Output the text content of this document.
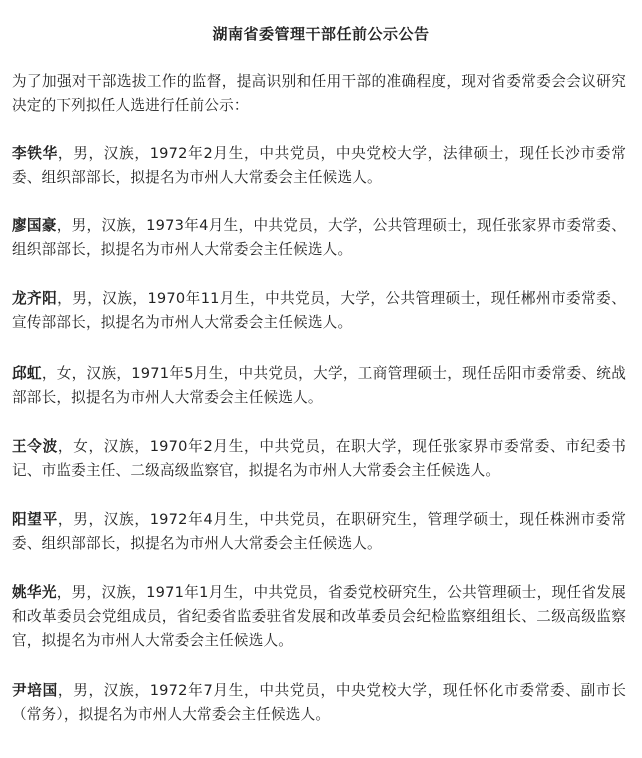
湖南省委管理干部任前公示公告

为了加强对干部选拔工作的监督，提高识别和任用干部的准确程度，现对省委常委会会议研究决定的下列拟任人选进行任前公示：

李铁华，男，汉族，1972年2月生，中共党员，中央党校大学，法律硕士，现任长沙市委常委、组织部部长，拟提名为市州人大常委会主任候选人。

廖国豪，男，汉族，1973年4月生，中共党员，大学，公共管理硕士，现任张家界市委常委、组织部部长，拟提名为市州人大常委会主任候选人。

龙齐阳，男，汉族，1970年11月生，中共党员，大学，公共管理硕士，现任郴州市委常委、宣传部部长，拟提名为市州人大常委会主任候选人。

邱虹，女，汉族，1971年5月生，中共党员，大学，工商管理硕士，现任岳阳市委常委、统战部部长，拟提名为市州人大常委会主任候选人。

王令波，女，汉族，1970年2月生，中共党员，在职大学，现任张家界市委常委、市纪委书记、市监委主任、二级高级监察官，拟提名为市州人大常委会主任候选人。

阳望平，男，汉族，1972年4月生，中共党员，在职研究生，管理学硕士，现任株洲市委常委、组织部部长，拟提名为市州人大常委会主任候选人。

姚华光，男，汉族，1971年1月生，中共党员，省委党校研究生，公共管理硕士，现任省发展和改革委员会党组成员，省纪委省监委驻省发展和改革委员会纪检监察组组长、二级高级监察官，拟提名为市州人大常委会主任候选人。

尹培国，男，汉族，1972年7月生，中共党员，中央党校大学，现任怀化市委常委、副市长（常务），拟提名为市州人大常委会主任候选人。
